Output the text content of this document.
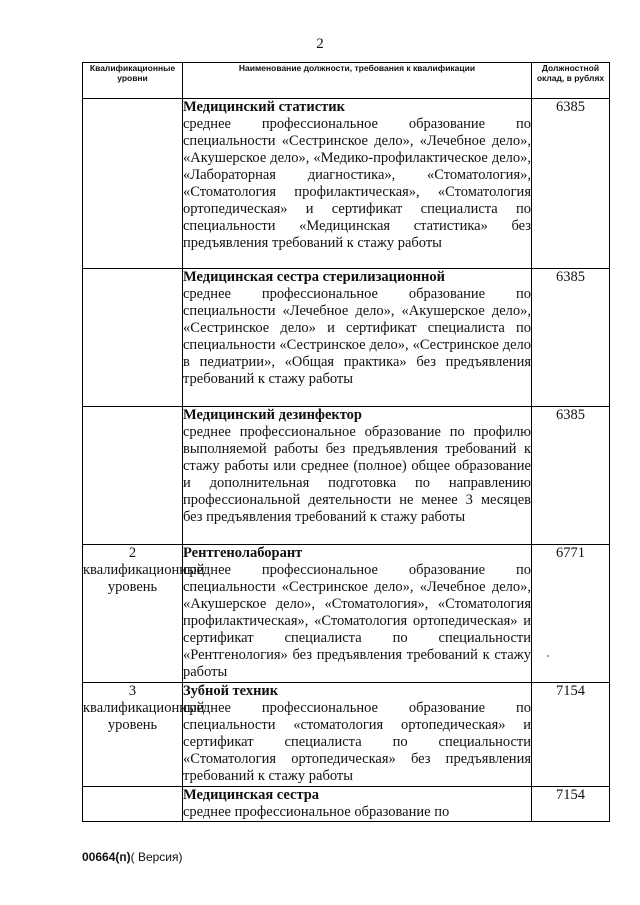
2
Квалификационные уровни	Наименование должности, требования к квалификации	Должностной оклад, в рублях

	Медицинский статистик
среднее профессиональное образование по специальности «Сестринское дело», «Лечебное дело», «Акушерское дело», «Медико-профилактическое дело», «Лабораторная диагностика», «Стоматология», «Стоматология профилактическая», «Стоматология ортопедическая» и сертификат специалиста по специальности «Медицинская статистика» без предъявления требований к стажу работы	6385

	Медицинская сестра стерилизационной
среднее профессиональное образование по специальности «Лечебное дело», «Акушерское дело», «Сестринское дело» и сертификат специалиста по специальности «Сестринское дело», «Сестринское дело в педиатрии», «Общая практика» без предъявления требований к стажу работы	6385

	Медицинский дезинфектор
среднее профессиональное образование по профилю выполняемой работы без предъявления требований к стажу работы или среднее (полное) общее образование и дополнительная подготовка по направлению профессиональной деятельности не менее 3 месяцев без предъявления требований к стажу работы	6385
2 квалификационный уровень	Рентгенолаборант
среднее профессиональное образование по специальности «Сестринское дело», «Лечебное дело», «Акушерское дело», «Стоматология», «Стоматология профилактическая», «Стоматология ортопедическая» и сертификат специалиста по специальности «Рентгенология» без предъявления требований к стажу работы	6771
3 квалификационный уровень	Зубной техник
среднее профессиональное образование по специальности «стоматология ортопедическая» и сертификат специалиста по специальности «Стоматология ортопедическая» без предъявления требований к стажу работы	7154

	Медицинская сестра
среднее профессиональное образование по	7154
00664(п)( Версия)
